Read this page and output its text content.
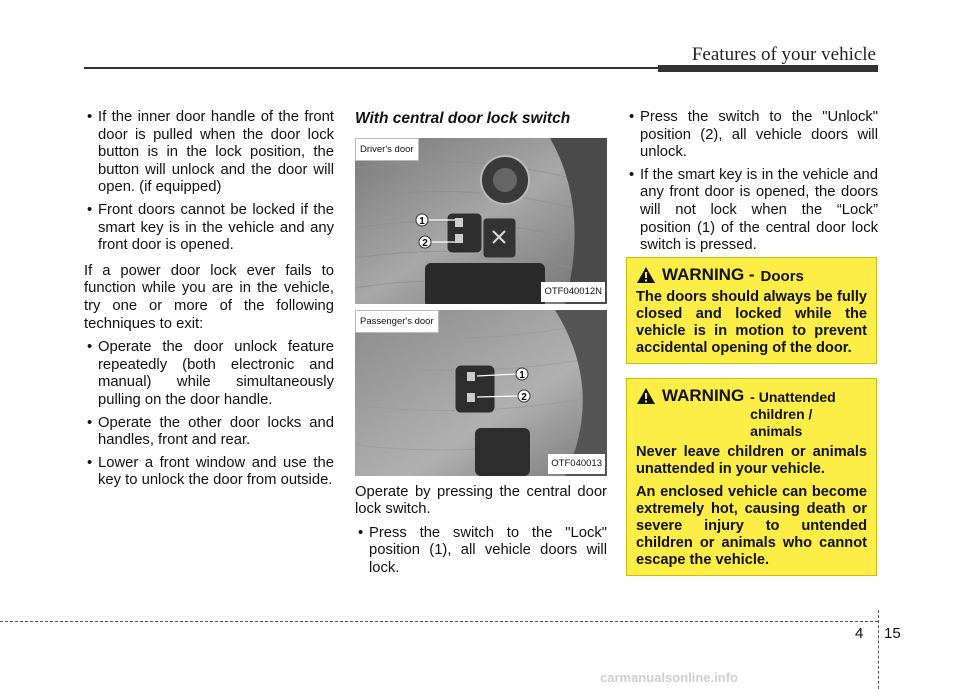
Features of your vehicle
• If the inner door handle of the front door is pulled when the door lock button is in the lock position, the button will unlock and the door will open. (if equipped)
• Front doors cannot be locked if the smart key is in the vehicle and any front door is opened.

If a power door lock ever fails to function while you are in the vehicle, try one or more of the following techniques to exit:

• Operate the door unlock feature repeatedly (both electronic and manual) while simultaneously pulling on the door handle.
• Operate the other door locks and handles, front and rear.
• Lower a front window and use the key to unlock the door from outside.
With central door lock switch
1
2
Driver's door
OTF040012N
1
2
Passenger's door
OTF040013

Operate by pressing the central door lock switch.

• Press the switch to the "Lock" position (1), all vehicle doors will lock.
• Press the switch to the "Unlock" position (2), all vehicle doors will unlock.
• If the smart key is in the vehicle and any front door is opened, the doors will not lock when the “Lock” position (1) of the central door lock switch is pressed.
WARNING - Doors
The doors should always be fully closed and locked while the vehicle is in motion to prevent accidental opening of the door.
WARNING - Unattended children / animals
Never leave children or animals unattended in your vehicle.
An enclosed vehicle can become extremely hot, causing death or severe injury to untended children or animals who cannot escape the vehicle.
4 15
carmanualsonline.info
